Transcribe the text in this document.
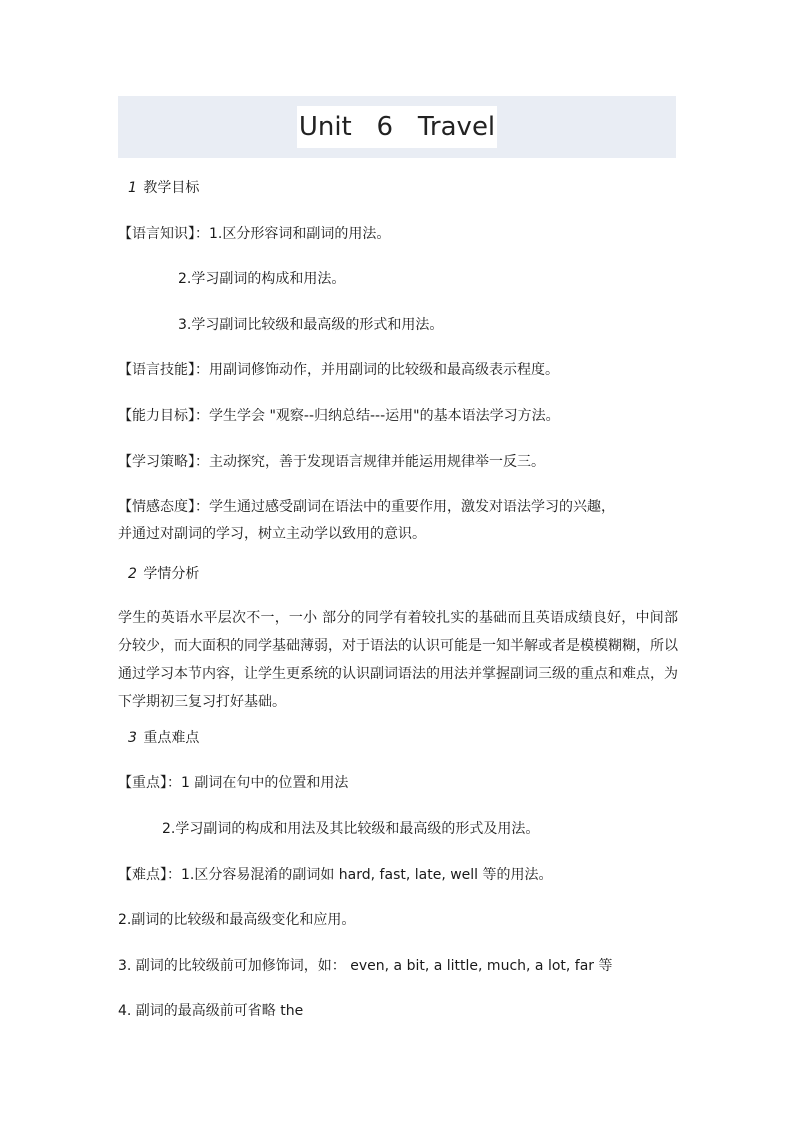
Unit   6   Travel
1 教学目标
【语言知识】：1.区分形容词和副词的用法。
2.学习副词的构成和用法。
3.学习副词比较级和最高级的形式和用法。
【语言技能】：用副词修饰动作，并用副词的比较级和最高级表示程度。
【能力目标】：学生学会 "观察--归纳总结---运用"的基本语法学习方法。
【学习策略】：主动探究，善于发现语言规律并能运用规律举一反三。
【情感态度】：学生通过感受副词在语法中的重要作用，激发对语法学习的兴趣，
并通过对副词的学习，树立主动学以致用的意识。
2 学情分析
学生的英语水平层次不一，一小 部分的同学有着较扎实的基础而且英语成绩良好，中间部分较少，而大面积的同学基础薄弱，对于语法的认识可能是一知半解或者是模模糊糊，所以通过学习本节内容，让学生更系统的认识副词语法的用法并掌握副词三级的重点和难点，为下学期初三复习打好基础。
3 重点难点
【重点】：1 副词在句中的位置和用法
2.学习副词的构成和用法及其比较级和最高级的形式及用法。
【难点】：1.区分容易混淆的副词如 hard, fast, late, well 等的用法。
2.副词的比较级和最高级变化和应用。
3. 副词的比较级前可加修饰词，如： even, a bit, a little, much, a lot, far 等
4. 副词的最高级前可省略 the
